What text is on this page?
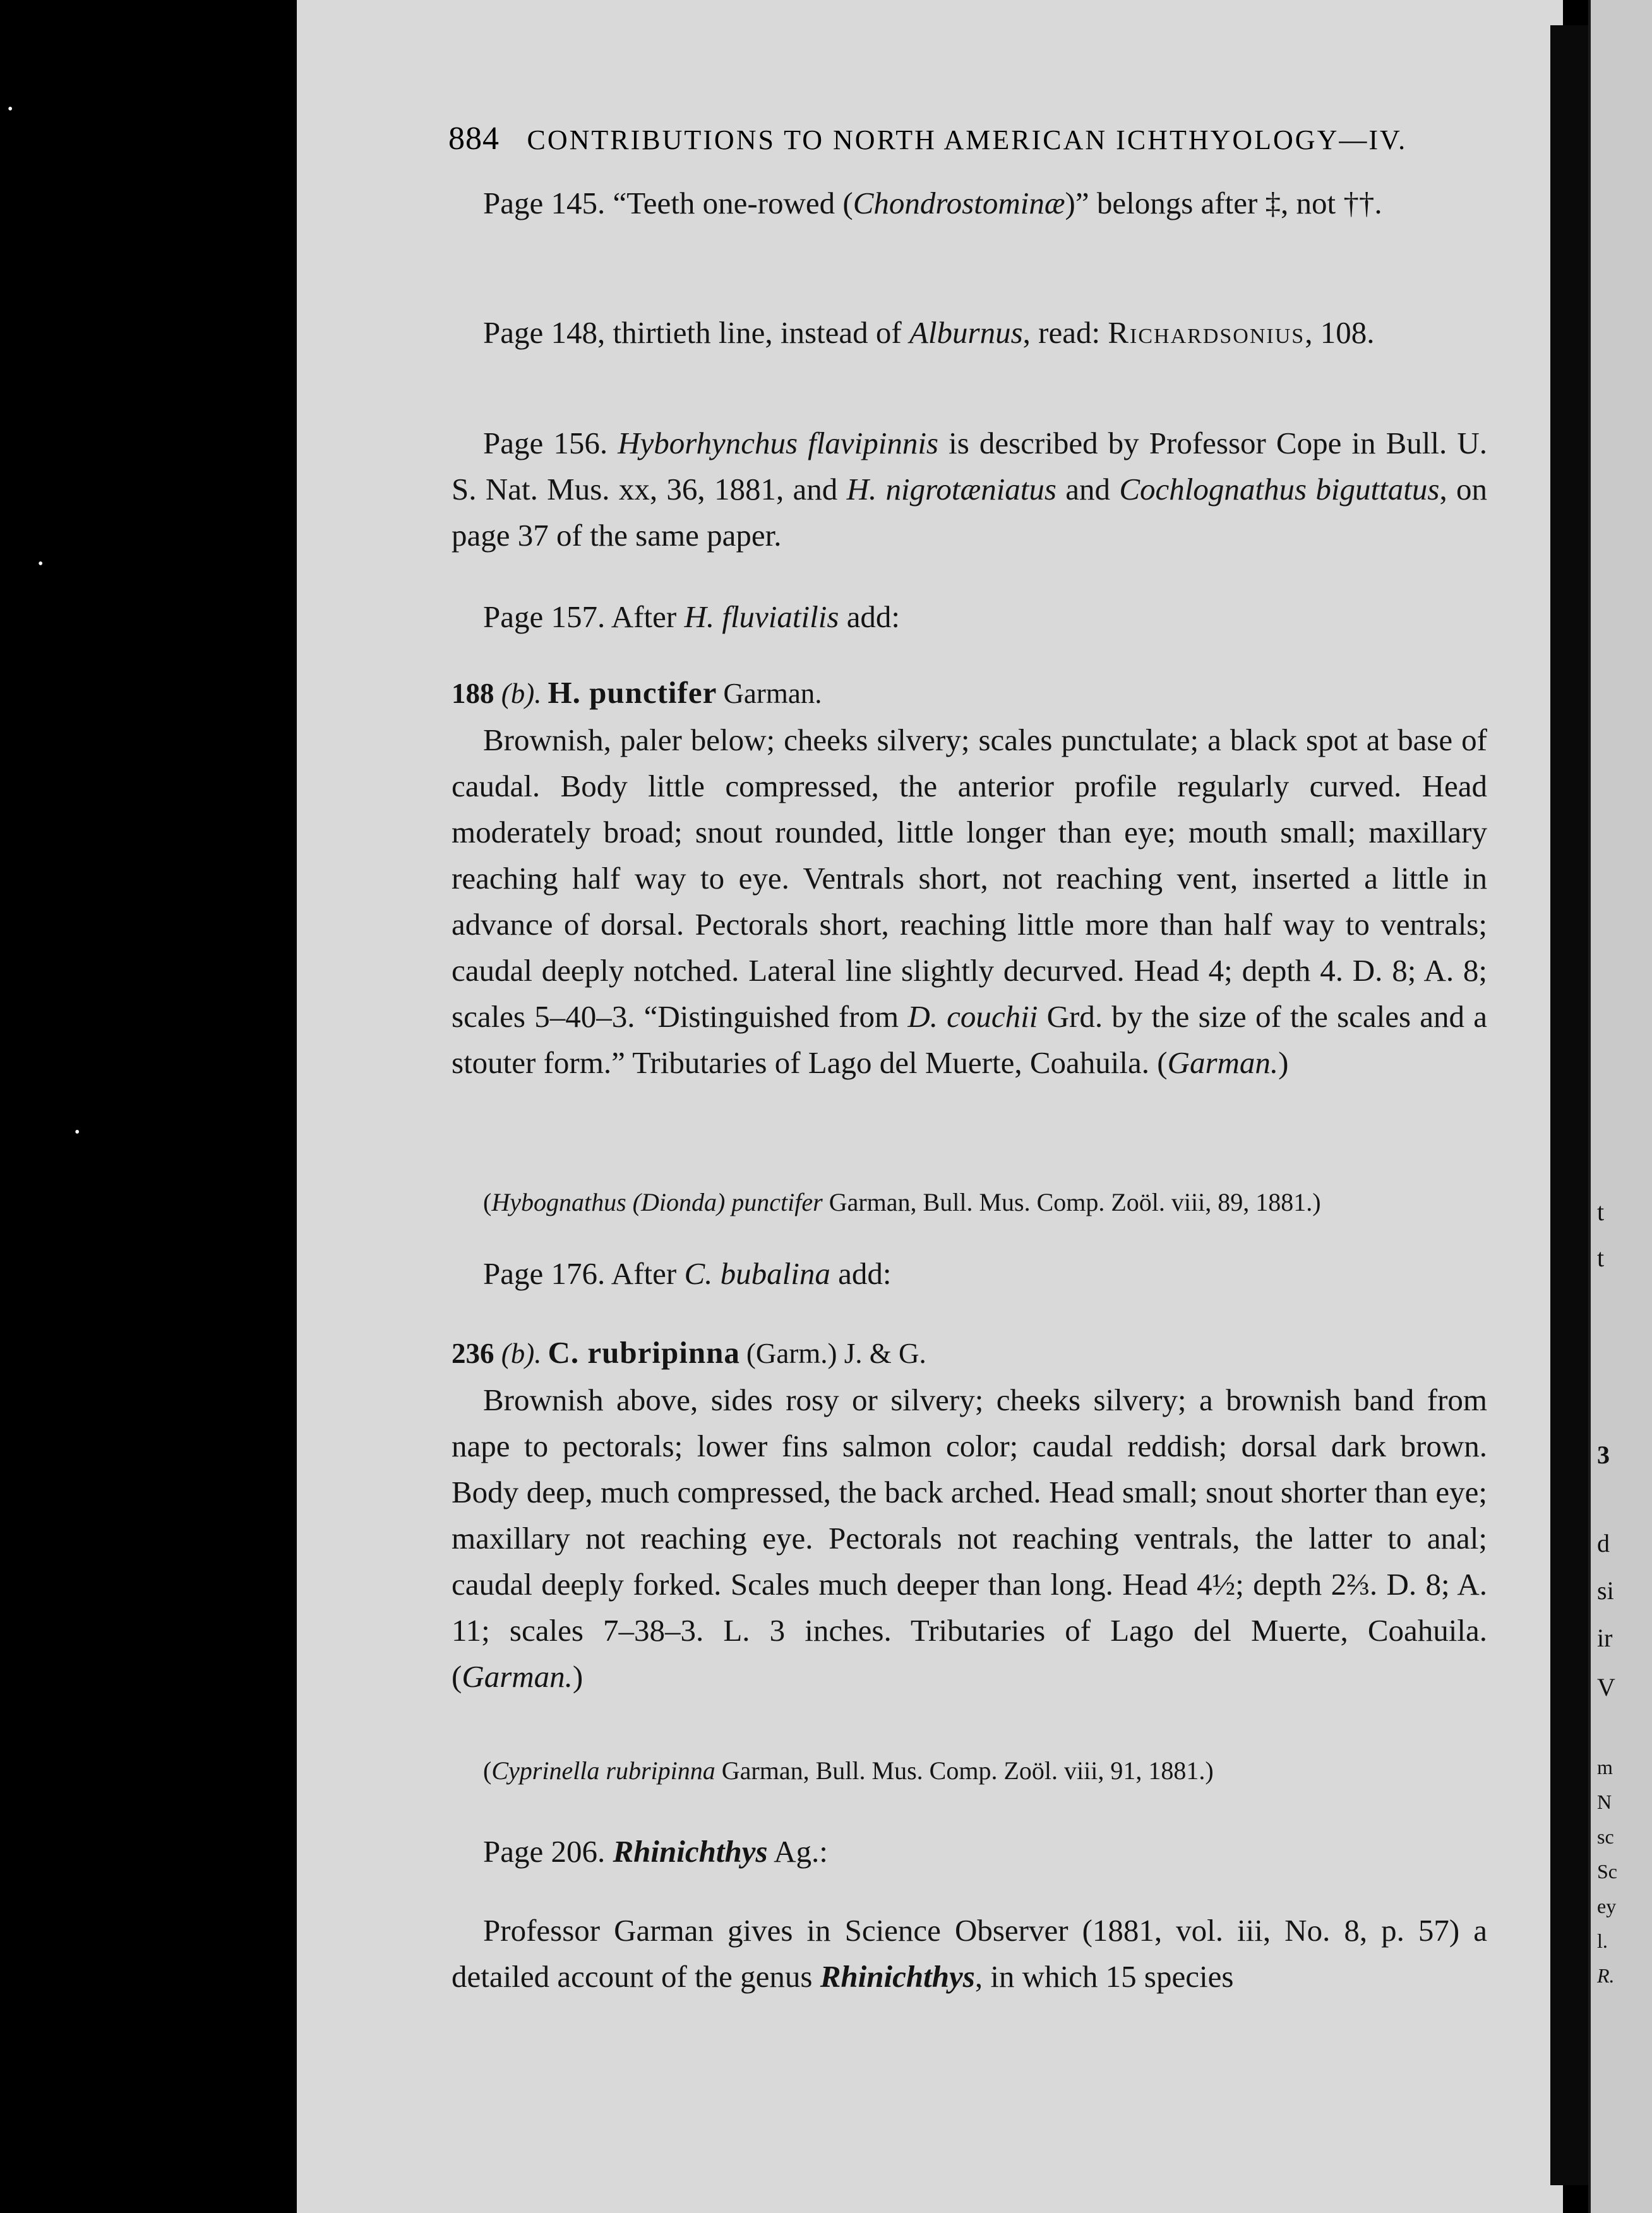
t
t
3
d
si
ir
V
m
N
sc
Sc
ey
l.
R.
•
•
•
884 CONTRIBUTIONS TO NORTH AMERICAN ICHTHYOLOGY—IV.

Page 145. “Teeth one-rowed (Chondrostominæ)” belongs after ‡, not ††.

Page 148, thirtieth line, instead of Alburnus, read: Richardsonius, 108.

Page 156. Hyborhynchus flavipinnis is described by Professor Cope in Bull. U. S. Nat. Mus. xx, 36, 1881, and H. nigrotæniatus and Cochlognathus biguttatus, on page 37 of the same paper.

Page 157. After H. fluviatilis add:

188 (b). H. punctifer Garman.

Brownish, paler below; cheeks silvery; scales punctulate; a black spot at base of caudal. Body little compressed, the anterior profile regularly curved. Head moderately broad; snout rounded, little longer than eye; mouth small; maxillary reaching half way to eye. Ventrals short, not reaching vent, inserted a little in advance of dorsal. Pectorals short, reaching little more than half way to ventrals; caudal deeply notched. Lateral line slightly decurved. Head 4; depth 4. D. 8; A. 8; scales 5–40–3. “Distinguished from D. couchii Grd. by the size of the scales and a stouter form.” Tributaries of Lago del Muerte, Coahuila. (Garman.)

(Hybognathus (Dionda) punctifer Garman, Bull. Mus. Comp. Zoöl. viii, 89, 1881.)

Page 176. After C. bubalina add:

236 (b). C. rubripinna (Garm.) J. & G.

Brownish above, sides rosy or silvery; cheeks silvery; a brownish band from nape to pectorals; lower fins salmon color; caudal reddish; dorsal dark brown. Body deep, much compressed, the back arched. Head small; snout shorter than eye; maxillary not reaching eye. Pectorals not reaching ventrals, the latter to anal; caudal deeply forked. Scales much deeper than long. Head 4½; depth 2⅔. D. 8; A. 11; scales 7–38–3. L. 3 inches. Tributaries of Lago del Muerte, Coahuila. (Garman.)

(Cyprinella rubripinna Garman, Bull. Mus. Comp. Zoöl. viii, 91, 1881.)

Page 206. Rhinichthys Ag.:

Professor Garman gives in Science Observer (1881, vol. iii, No. 8, p. 57) a detailed account of the genus Rhinichthys, in which 15 species
